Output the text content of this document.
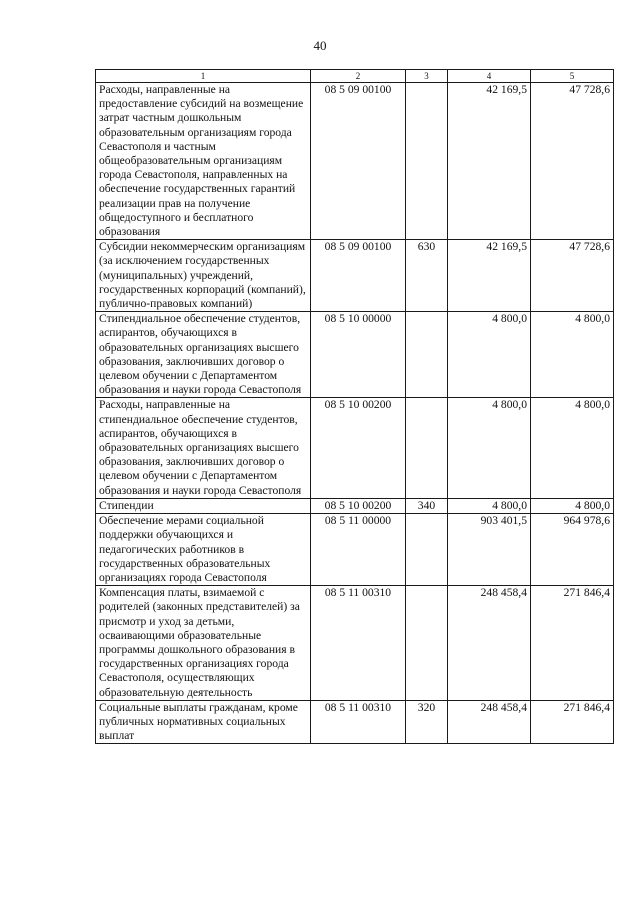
40
1	2	3	4	5
Расходы, направленные на предоставление субсидий на возмещение затрат частным дошкольным образовательным организациям города Севастополя и частным общеобразовательным организациям города Севастополя, направленных на обеспечение государственных гарантий реализации прав на получение общедоступного и бесплатного образования	08 5 09 00100		42 169,5	47 728,6
Субсидии некоммерческим организациям (за исключением государственных (муниципальных) учреждений, государственных корпораций (компаний), публично-правовых компаний)	08 5 09 00100	630	42 169,5	47 728,6
Стипендиальное обеспечение студентов, аспирантов, обучающихся в образовательных организациях высшего образования, заключивших договор о целевом обучении с Департаментом образования и науки города Севастополя	08 5 10 00000		4 800,0	4 800,0
Расходы, направленные на стипендиальное обеспечение студентов, аспирантов, обучающихся в образовательных организациях высшего образования, заключивших договор о целевом обучении с Департаментом образования и науки города Севастополя	08 5 10 00200		4 800,0	4 800,0
Стипендии	08 5 10 00200	340	4 800,0	4 800,0
Обеспечение мерами социальной поддержки обучающихся и педагогических работников в государственных образовательных организациях города Севастополя	08 5 11 00000		903 401,5	964 978,6
Компенсация платы, взимаемой с родителей (законных представителей) за присмотр и уход за детьми, осваивающими образовательные программы дошкольного образования в государственных организациях города Севастополя, осуществляющих образовательную деятельность	08 5 11 00310		248 458,4	271 846,4
Социальные выплаты гражданам, кроме публичных нормативных социальных выплат	08 5 11 00310	320	248 458,4	271 846,4
